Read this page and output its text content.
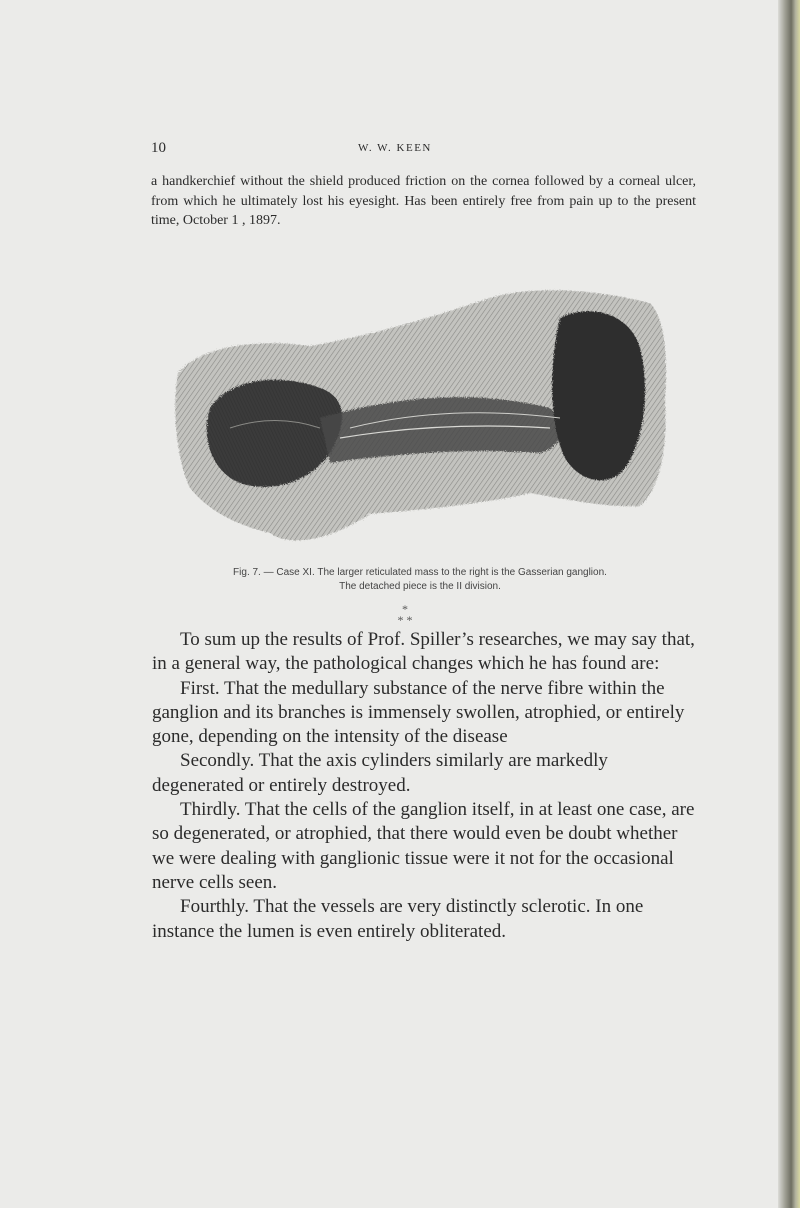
10	W. W. KEEN

a handkerchief without the shield produced friction on the cornea followed by a corneal ulcer, from which he ultimately lost his eyesight. Has been entirely free from pain up to the present time, October 1 , 1897.

Fig. 7. — Case XI. The larger reticulated mass to the right is the Gasserian ganglion.
The detached piece is the II division.
*
* *

To sum up the results of Prof. Spiller’s researches, we may say that, in a general way, the pathological changes which he has found are:

First. That the medullary substance of the nerve fibre within the ganglion and its branches is immensely swollen, atrophied, or entirely gone, depending on the intensity of the disease

Secondly. That the axis cylinders similarly are markedly degenerated or entirely destroyed.

Thirdly. That the cells of the ganglion itself, in at least one case, are so degenerated, or atrophied, that there would even be doubt whether we were dealing with ganglionic tissue were it not for the occasional nerve cells seen.

Fourthly. That the vessels are very distinctly sclerotic. In one instance the lumen is even entirely obliterated.
